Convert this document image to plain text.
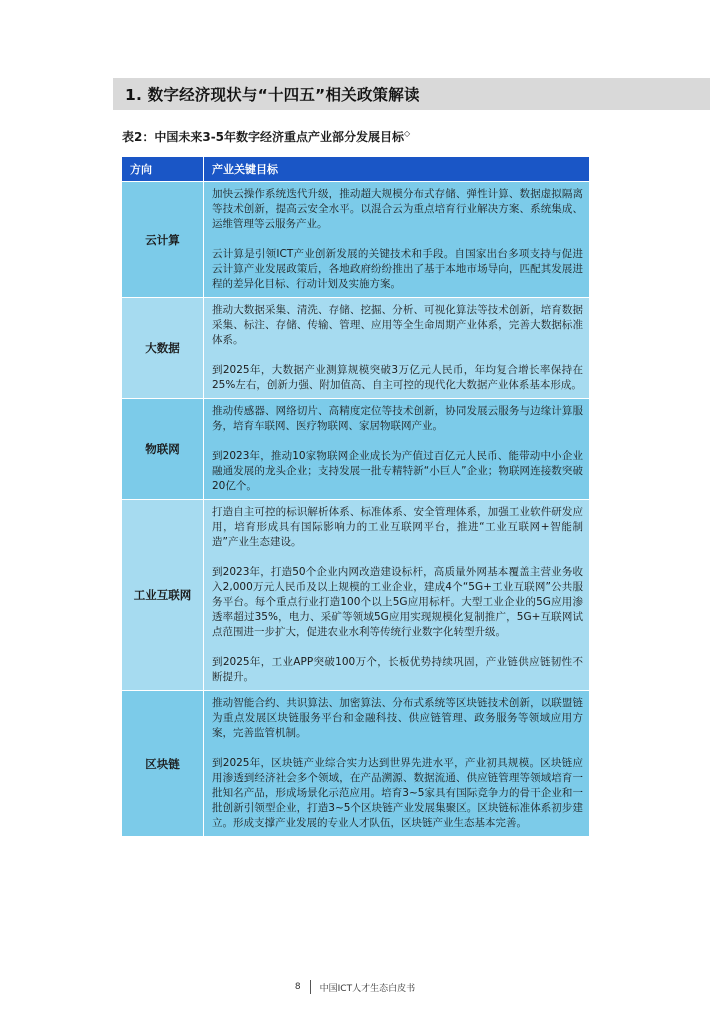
1. 数字经济现状与“十四五”相关政策解读
表2：中国未来3-5年数字经济重点产业部分发展目标◇
方向	产业关键目标
云计算	加快云操作系统迭代升级，推动超大规模分布式存储、弹性计算、数据虚拟隔离等技术创新，提高云安全水平。以混合云为重点培育行业解决方案、系统集成、运维管理等云服务产业。

云计算是引领ICT产业创新发展的关键技术和手段。自国家出台多项支持与促进云计算产业发展政策后，各地政府纷纷推出了基于本地市场导向，匹配其发展进程的差异化目标、行动计划及实施方案。

大数据	推动大数据采集、清洗、存储、挖掘、分析、可视化算法等技术创新，培育数据采集、标注、存储、传输、管理、应用等全生命周期产业体系，完善大数据标准体系。

到2025年，大数据产业测算规模突破3万亿元人民币，年均复合增长率保持在25%左右，创新力强、附加值高、自主可控的现代化大数据产业体系基本形成。

物联网	推动传感器、网络切片、高精度定位等技术创新，协同发展云服务与边缘计算服务，培育车联网、医疗物联网、家居物联网产业。

到2023年，推动10家物联网企业成长为产值过百亿元人民币、能带动中小企业融通发展的龙头企业；支持发展一批专精特新“小巨人”企业；物联网连接数突破20亿个。

工业互联网	打造自主可控的标识解析体系、标准体系、安全管理体系，加强工业软件研发应用，培育形成具有国际影响力的工业互联网平台，推进“工业互联网+智能制造”产业生态建设。

到2023年，打造50个企业内网改造建设标杆，高质量外网基本覆盖主营业务收入2,000万元人民币及以上规模的工业企业，建成4个“5G+工业互联网”公共服务平台。每个重点行业打造100个以上5G应用标杆。大型工业企业的5G应用渗透率超过35%，电力、采矿等领域5G应用实现规模化复制推广，5G+互联网试点范围进一步扩大，促进农业水利等传统行业数字化转型升级。

到2025年，工业APP突破100万个，长板优势持续巩固，产业链供应链韧性不断提升。

区块链	推动智能合约、共识算法、加密算法、分布式系统等区块链技术创新，以联盟链为重点发展区块链服务平台和金融科技、供应链管理、政务服务等领域应用方案，完善监管机制。

到2025年，区块链产业综合实力达到世界先进水平，产业初具规模。区块链应用渗透到经济社会多个领域，在产品溯源、数据流通、供应链管理等领域培育一批知名产品，形成场景化示范应用。培育3~5家具有国际竞争力的骨干企业和一批创新引领型企业，打造3~5个区块链产业发展集聚区。区块链标准体系初步建立。形成支撑产业发展的专业人才队伍，区块链产业生态基本完善。

8 中国ICT人才生态白皮书
